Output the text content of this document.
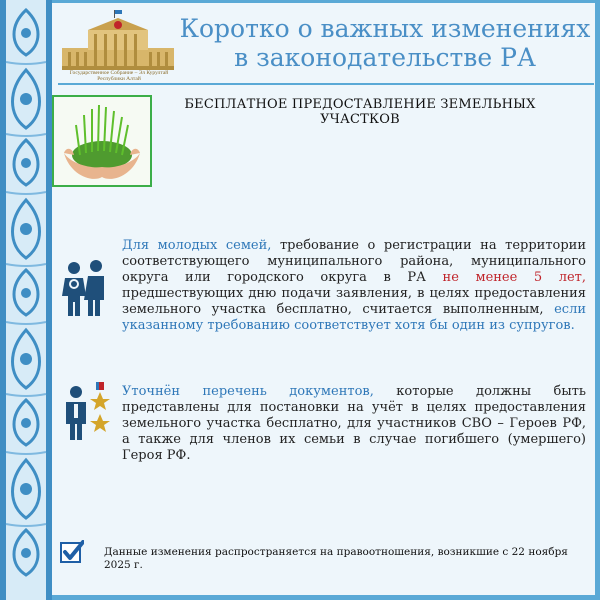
Государственное Собрание – Эл Курултай Республики Алтай
Коротко о важных изменениях
в законодательстве РА
БЕСПЛАТНОЕ ПРЕДОСТАВЛЕНИЕ ЗЕМЕЛЬНЫХ
УЧАСТКОВ
Для молодых семей, требование о регистрации на территории соответствующего муниципального района, муниципального округа или городского округа в РА не менее 5 лет, предшествующих дню подачи заявления, в целях предоставления земельного участка бесплатно, считается выполненным, если указанному требованию соответствует хотя бы один из супругов.
Уточнён перечень документов, которые должны быть представлены для постановки на учёт в целях предоставления земельного участка бесплатно, для участников СВО – Героев РФ, а также для членов их семьи в случае погибшего (умершего) Героя РФ.
Данные изменения распространяется на правоотношения, возникшие с 22 ноября 2025 г.
